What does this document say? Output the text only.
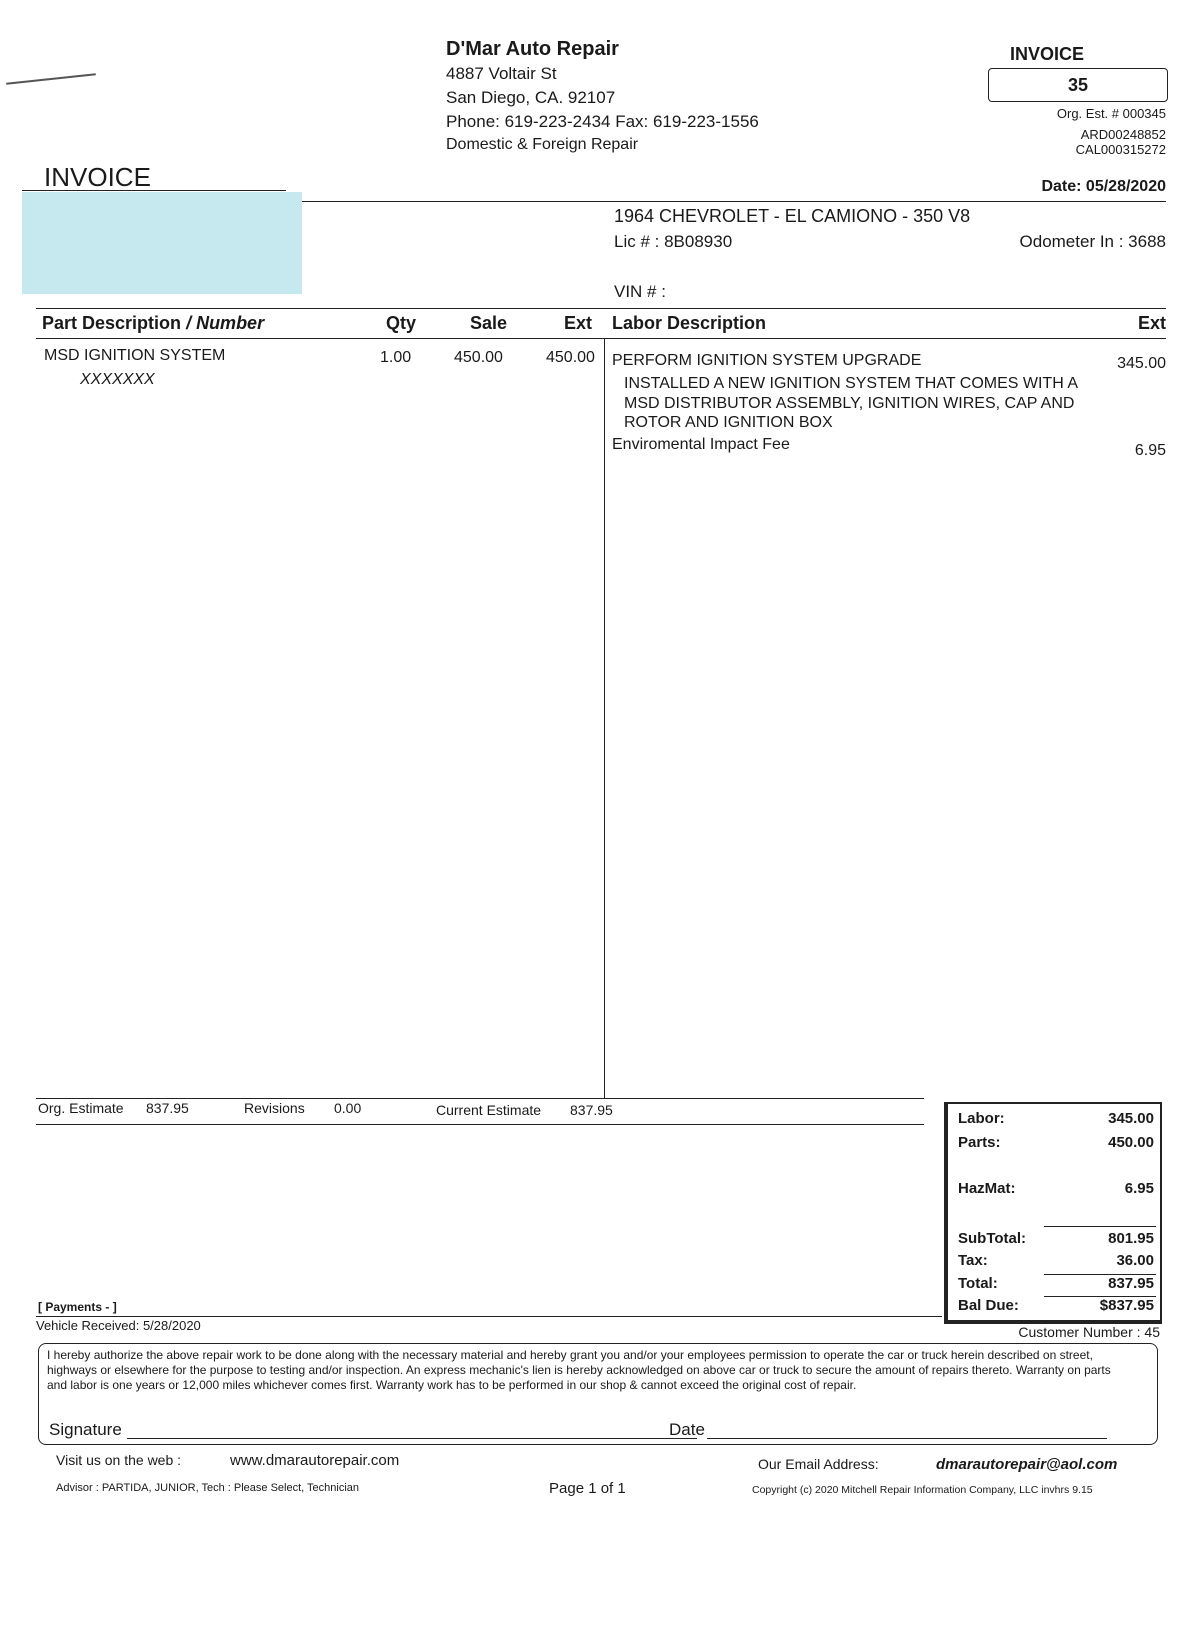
D'Mar Auto Repair
4887 Voltair St
San Diego, CA. 92107
Phone: 619-223-2434 Fax: 619-223-1556
Domestic & Foreign Repair
INVOICE
35
Org. Est. # 000345
ARD00248852
CAL000315272
Date: 05/28/2020
INVOICE
1964 CHEVROLET - EL CAMIONO - 350 V8
Lic # : 8B08930	Odometer In : 3688
VIN # :
Part Description / Number	Qty	Sale	Ext Labor Description	Ext
MSD IGNITION SYSTEM
XXXXXXX
1.00	450.00	450.00 PERFORM IGNITION SYSTEM UPGRADE	345.00
INSTALLED A NEW IGNITION SYSTEM THAT COMES WITH A
MSD DISTRIBUTOR ASSEMBLY, IGNITION WIRES, CAP AND
ROTOR AND IGNITION BOX
Enviromental Impact Fee	6.95
Org. Estimate 837.95	Revisions 0.00	Current Estimate 837.95	Labor:	345.00
Parts:	450.00
HazMat:	6.95
SubTotal:	801.95
Tax:	36.00
Total:	837.95
Bal Due:	$837.95
[ Payments - ]
Vehicle Received: 5/28/2020	Customer Number : 45
I hereby authorize the above repair work to be done along with the necessary material and hereby grant you and/or your employees permission to operate the car or truck herein described on street, highways or elsewhere for the purpose to testing and/or inspection. An express mechanic's lien is hereby acknowledged on above car or truck to secure the amount of repairs thereto. Warranty on parts and labor is one years or 12,000 miles whichever comes first. Warranty work has to be performed in our shop & cannot exceed the original cost of repair.
Signature	Date
Visit us on the web :	www.dmarautorepair.com	Our Email Address:	dmarautorepair@aol.com
Advisor : PARTIDA, JUNIOR, Tech : Please Select, Technician	Page 1 of 1	Copyright (c) 2020 Mitchell Repair Information Company, LLC invhrs 9.15
